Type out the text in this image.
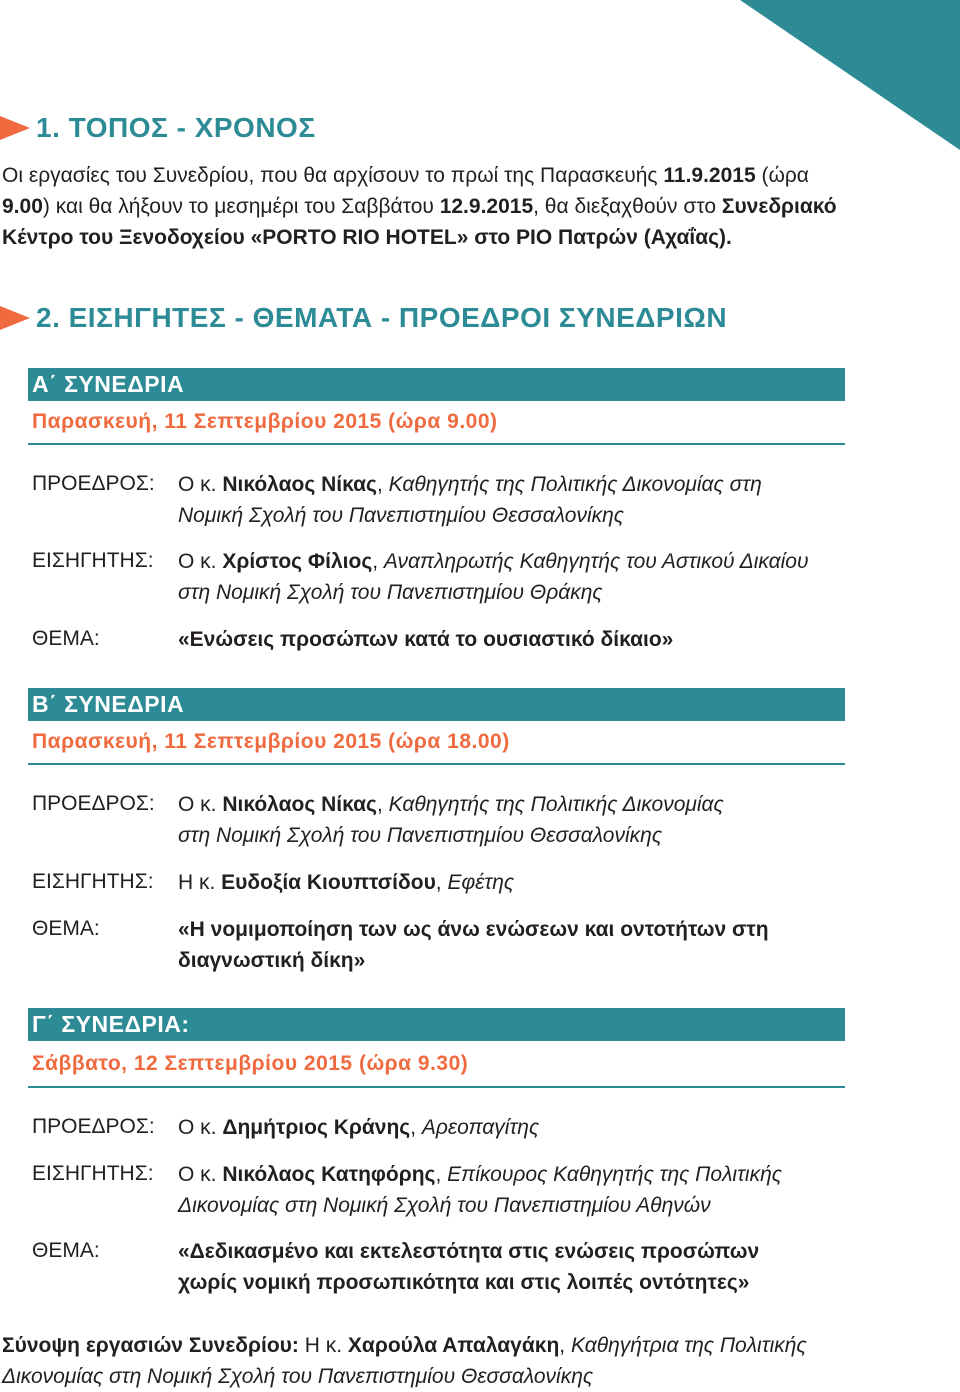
1. ΤΟΠΟΣ - ΧΡΟΝΟΣ
Οι εργασίες του Συνεδρίου, που θα αρχίσουν το πρωί της Παρασκευής 11.9.2015 (ώρα 9.00) και θα λήξουν το μεσημέρι του Σαββάτου 12.9.2015, θα διεξαχθούν στο Συνεδριακό Κέντρο του Ξενοδοχείου «PORTO RIO HOTEL» στο ΡΙΟ Πατρών (Αχαΐας).
2. ΕΙΣΗΓΗΤΕΣ - ΘΕΜΑΤΑ - ΠΡΟΕΔΡΟΙ ΣΥΝΕΔΡΙΩΝ
Α΄ ΣΥΝΕΔΡΙΑ
Παρασκευή, 11 Σεπτεμβρίου 2015 (ώρα 9.00)
ΠΡΟΕΔΡΟΣ: Ο κ. Νικόλαος Νίκας, Καθηγητής της Πολιτικής Δικονομίας στη
Νομική Σχολή του Πανεπιστημίου Θεσσαλονίκης
ΕΙΣΗΓΗΤΗΣ: Ο κ. Χρίστος Φίλιος, Αναπληρωτής Καθηγητής του Αστικού Δικαίου
στη Νομική Σχολή του Πανεπιστημίου Θράκης
ΘΕΜΑ:	«Ενώσεις προσώπων κατά το ουσιαστικό δίκαιο»
Β΄ ΣΥΝΕΔΡΙΑ
Παρασκευή, 11 Σεπτεμβρίου 2015 (ώρα 18.00)
ΠΡΟΕΔΡΟΣ: Ο κ. Νικόλαος Νίκας, Καθηγητής της Πολιτικής Δικονομίας
στη Νομική Σχολή του Πανεπιστημίου Θεσσαλονίκης
ΕΙΣΗΓΗΤΗΣ: Η κ. Ευδοξία Κιουπτσίδου, Εφέτης
ΘΕΜΑ:	«Η νομιμοποίηση των ως άνω ενώσεων και οντοτήτων στη
διαγνωστική δίκη»
Γ΄ ΣΥΝΕΔΡΙΑ:
Σάββατο, 12 Σεπτεμβρίου 2015 (ώρα 9.30)
ΠΡΟΕΔΡΟΣ: Ο κ. Δημήτριος Κράνης, Αρεοπαγίτης
ΕΙΣΗΓΗΤΗΣ: Ο κ. Νικόλαος Κατηφόρης, Επίκουρος Καθηγητής της Πολιτικής
Δικονομίας στη Νομική Σχολή του Πανεπιστημίου Αθηνών
ΘΕΜΑ:	«Δεδικασμένο και εκτελεστότητα στις ενώσεις προσώπων
χωρίς νομική προσωπικότητα και στις λοιπές οντότητες»
Σύνοψη εργασιών Συνεδρίου: Η κ. Χαρούλα Απαλαγάκη, Καθηγήτρια της Πολιτικής
Δικονομίας στη Νομική Σχολή του Πανεπιστημίου Θεσσαλονίκης
